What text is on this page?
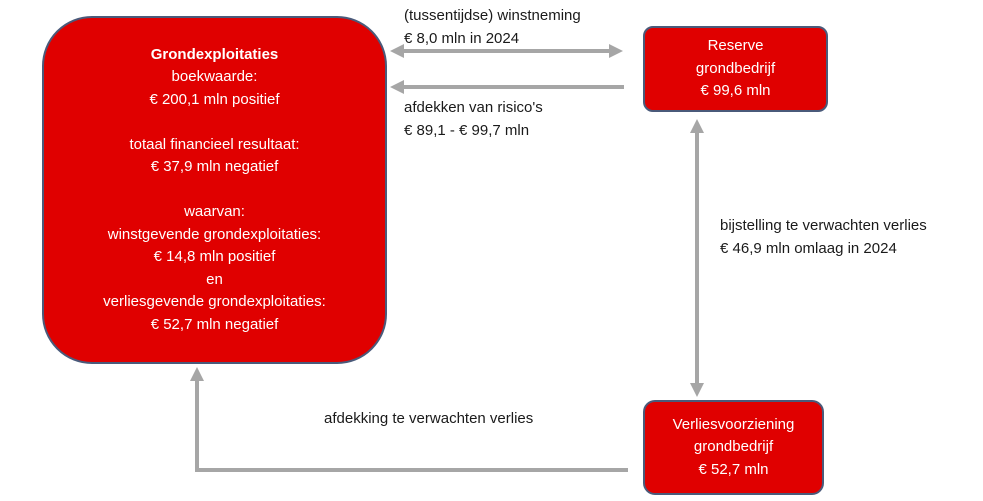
Grondexploitaties
boekwaarde:
€ 200,1 mln positief
totaal financieel resultaat:
€ 37,9 mln negatief
waarvan:
winstgevende grondexploitaties:
€ 14,8 mln positief
en
verliesgevende grondexploitaties:
€ 52,7 mln negatief
Reserve
grondbedrijf
€ 99,6 mln
Verliesvoorziening
grondbedrijf
€ 52,7 mln
(tussentijdse) winstneming
€ 8,0 mln in 2024
afdekken van risico's
€ 89,1 - € 99,7 mln
bijstelling te verwachten verlies
€ 46,9 mln omlaag in 2024
afdekking te verwachten verlies
